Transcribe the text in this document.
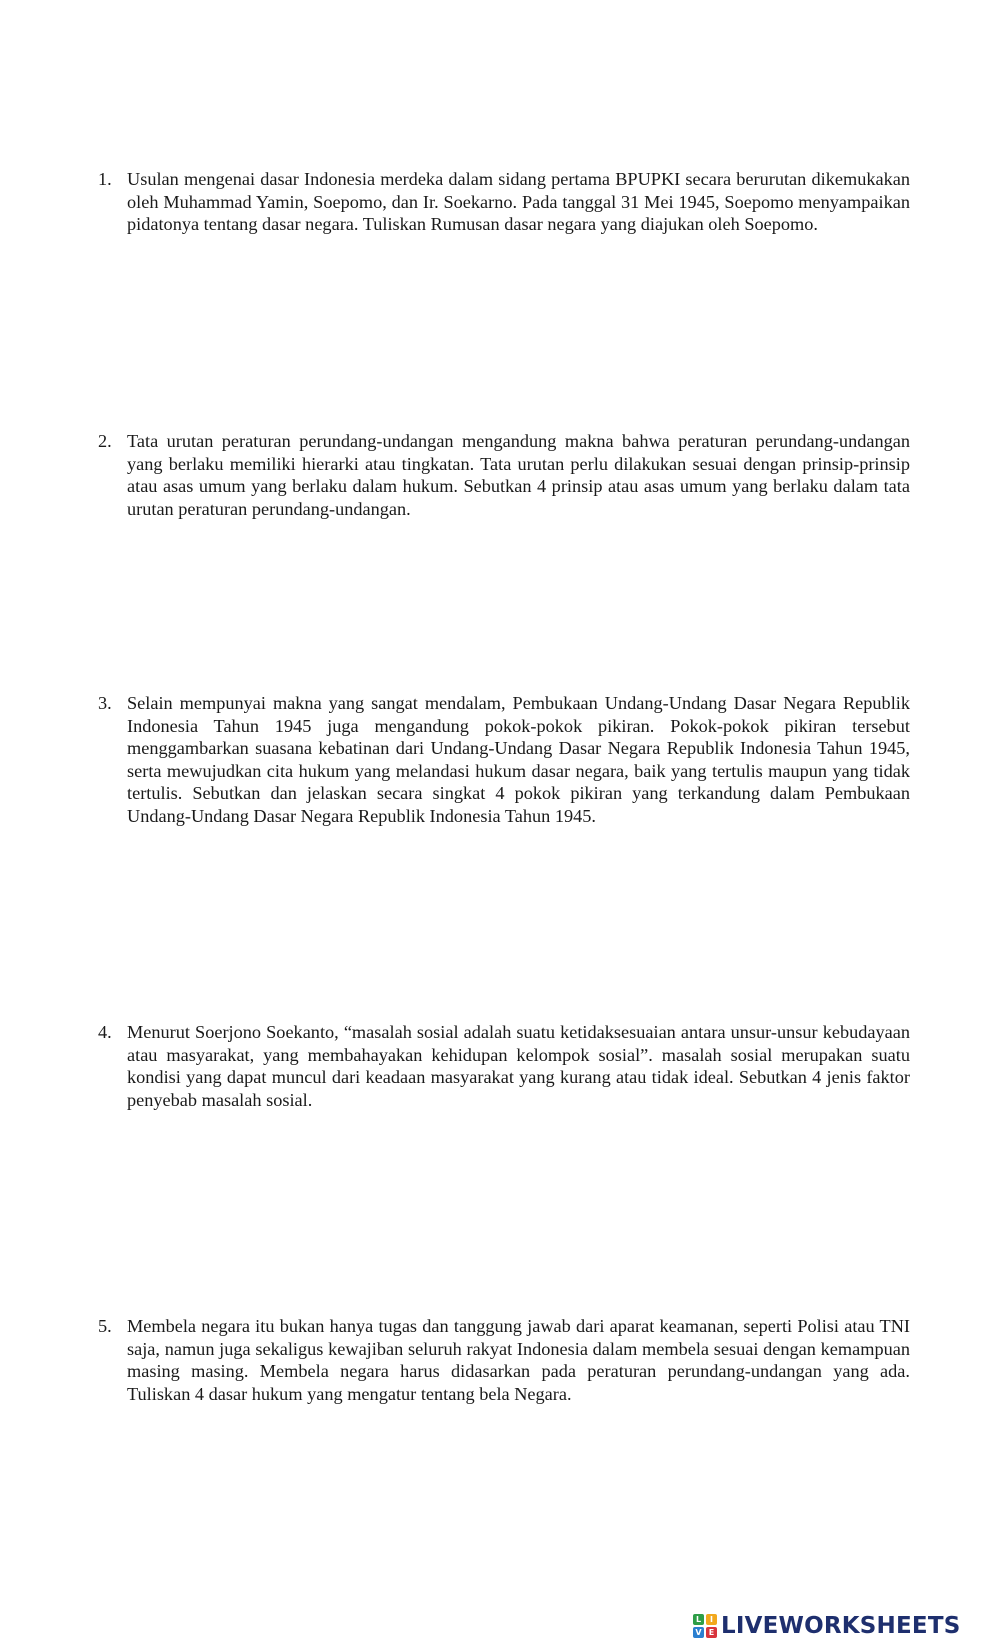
1. Usulan mengenai dasar Indonesia merdeka dalam sidang pertama BPUPKI secara berurutan dikemukakan oleh Muhammad Yamin, Soepomo, dan Ir. Soekarno. Pada tanggal 31 Mei 1945, Soepomo menyampaikan pidatonya tentang dasar negara. Tuliskan Rumusan dasar negara yang diajukan oleh Soepomo.
2. Tata urutan peraturan perundang-undangan mengandung makna bahwa peraturan perundang-undangan yang berlaku memiliki hierarki atau tingkatan. Tata urutan perlu dilakukan sesuai dengan prinsip-prinsip atau asas umum yang berlaku dalam hukum. Sebutkan 4 prinsip atau asas umum yang berlaku dalam tata urutan peraturan perundang-undangan.
3. Selain mempunyai makna yang sangat mendalam, Pembukaan Undang-Undang Dasar Negara Republik Indonesia Tahun 1945 juga mengandung pokok-pokok pikiran. Pokok-pokok pikiran tersebut menggambarkan suasana kebatinan dari Undang-Undang Dasar Negara Republik Indonesia Tahun 1945, serta mewujudkan cita hukum yang melandasi hukum dasar negara, baik yang tertulis maupun yang tidak tertulis. Sebutkan dan jelaskan secara singkat 4 pokok pikiran yang terkandung dalam Pembukaan Undang-Undang Dasar Negara Republik Indonesia Tahun 1945.
4. Menurut Soerjono Soekanto, “masalah sosial adalah suatu ketidaksesuaian antara unsur-unsur kebudayaan atau masyarakat, yang membahayakan kehidupan kelompok sosial”. masalah sosial merupakan suatu kondisi yang dapat muncul dari keadaan masyarakat yang kurang atau tidak ideal. Sebutkan 4 jenis faktor penyebab masalah sosial.
5. Membela negara itu bukan hanya tugas dan tanggung jawab dari aparat keamanan, seperti Polisi atau TNI saja, namun juga sekaligus kewajiban seluruh rakyat Indonesia dalam membela sesuai dengan kemampuan masing masing. Membela negara harus didasarkan pada peraturan perundang-undangan yang ada. Tuliskan 4 dasar hukum yang mengatur tentang bela Negara.
L	I
V E LIVEWORKSHEETS
